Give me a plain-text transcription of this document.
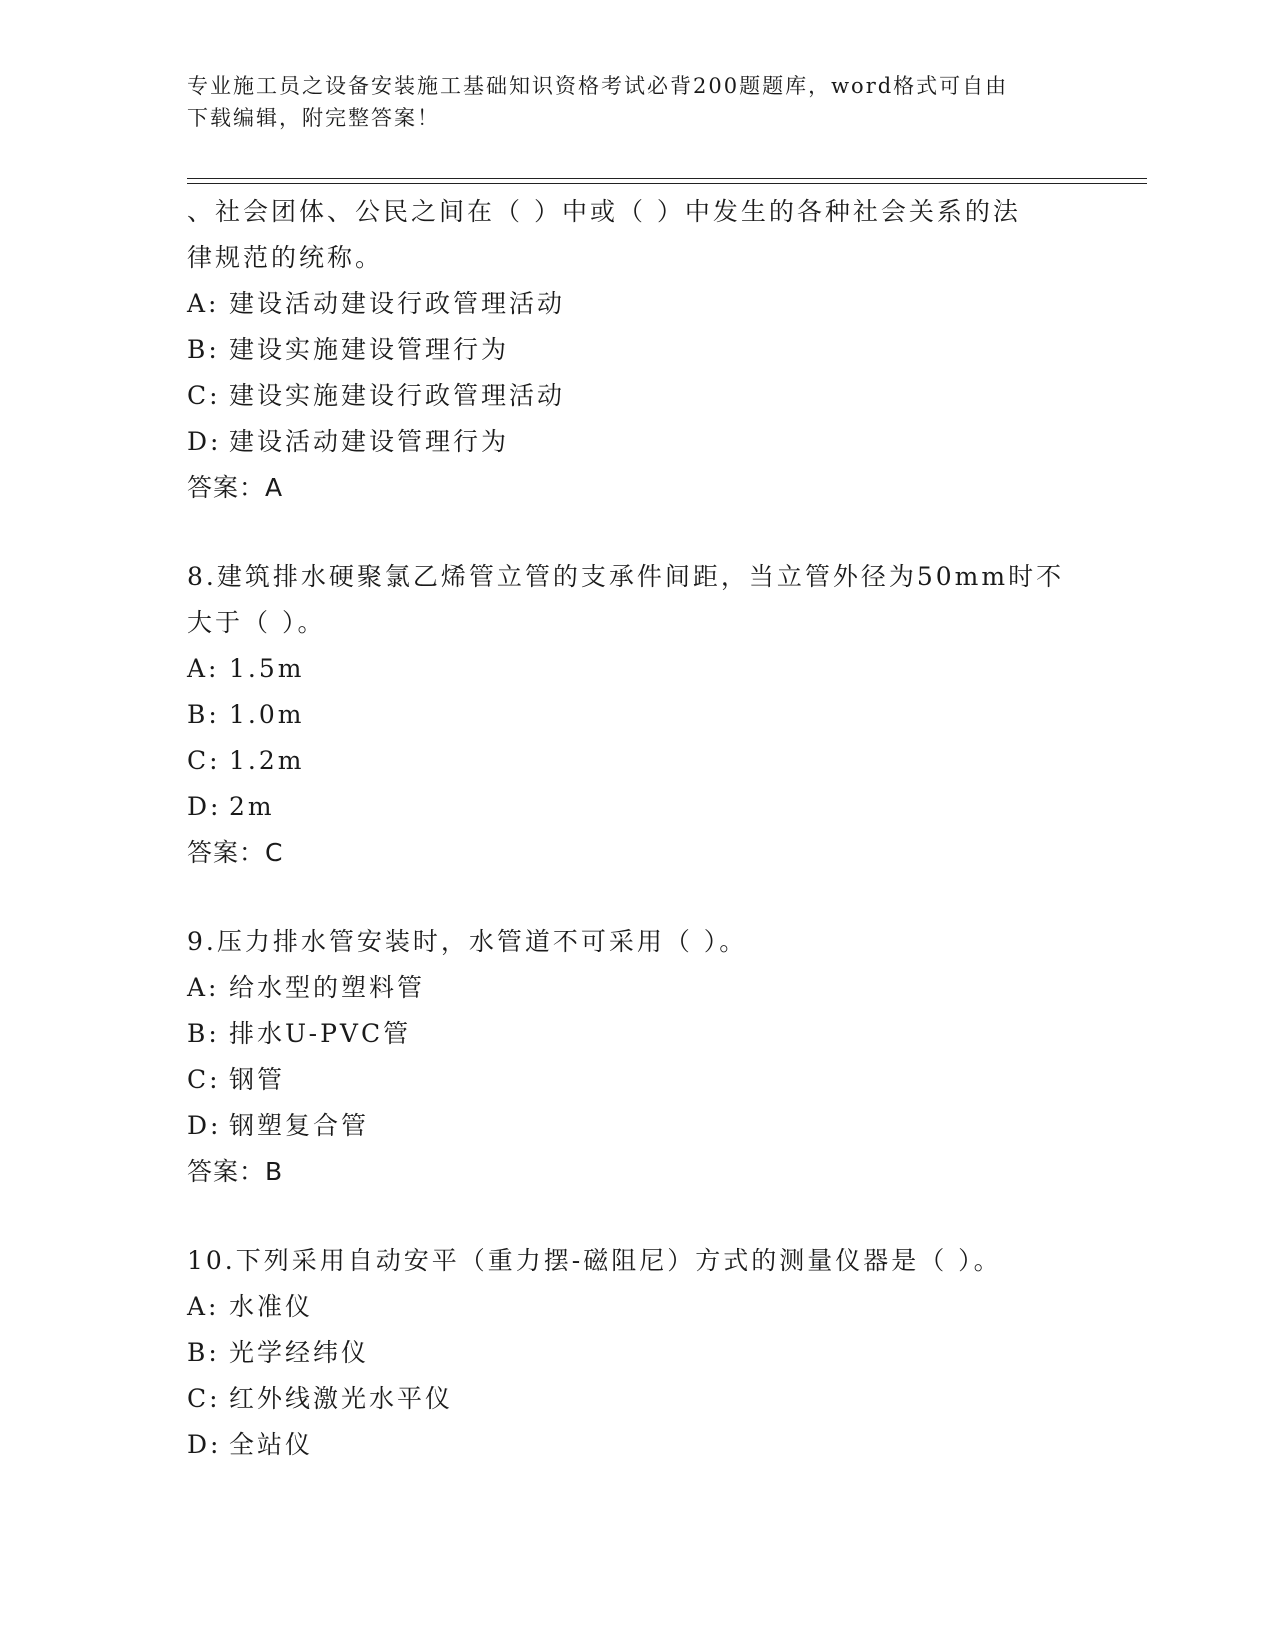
专业施工员之设备安装施工基础知识资格考试必背200题题库，word格式可自由
下载编辑，附完整答案！

、社会团体、公民之间在（ ）中或（ ）中发生的各种社会关系的法

律规范的统称。

A: 建设活动建设行政管理活动

B: 建设实施建设管理行为

C: 建设实施建设行政管理活动

D: 建设活动建设管理行为

答案：A

8.建筑排水硬聚氯乙烯管立管的支承件间距，当立管外径为50mm时不

大于（ ）。

A: 1.5m

B: 1.0m

C: 1.2m

D: 2m

答案：C

9.压力排水管安装时，水管道不可采用（ ）。

A: 给水型的塑料管

B: 排水U-PVC管

C: 钢管

D: 钢塑复合管

答案：B

10.下列采用自动安平（重力摆-磁阻尼）方式的测量仪器是（ ）。

A: 水准仪

B: 光学经纬仪

C: 红外线激光水平仪

D: 全站仪
